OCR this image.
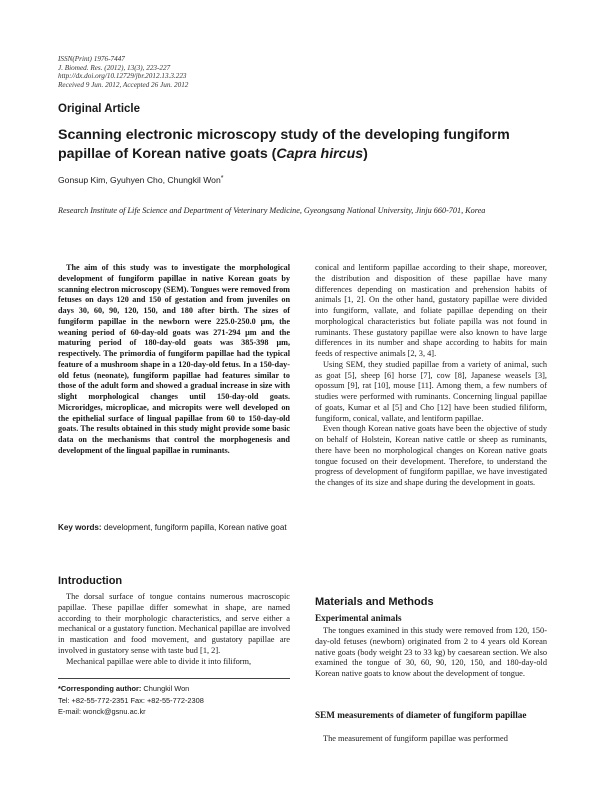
ISSN(Print) 1976-7447
J. Biomed. Res. (2012), 13(3), 223-227
http://dx.doi.org/10.12729/jbr.2012.13.3.223
Received 9 Jun. 2012, Accepted 26 Jun. 2012
Original Article
Scanning electronic microscopy study of the developing fungiform papillae of Korean native goats (Capra hircus)
Gonsup Kim, Gyuhyen Cho, Chungkil Won*
Research Institute of Life Science and Department of Veterinary Medicine, Gyeongsang National University, Jinju 660-701, Korea

The aim of this study was to investigate the morphological development of fungiform papillae in native Korean goats by scanning electron microscopy (SEM). Tongues were removed from fetuses on days 120 and 150 of gestation and from juveniles on days 30, 60, 90, 120, 150, and 180 after birth. The sizes of fungiform papillae in the newborn were 225.0-250.0 μm, the weaning period of 60-day-old goats was 271-294 μm and the maturing period of 180-day-old goats was 385-398 μm, respectively. The primordia of fungiform papillae had the typical feature of a mushroom shape in a 120-day-old fetus. In a 150-day-old fetus (neonate), fungiform papillae had features similar to those of the adult form and showed a gradual increase in size with slight morphological changes until 150-day-old goats. Microridges, microplicae, and micropits were well developed on the epithelial surface of lingual papillae from 60 to 150-day-old goats. The results obtained in this study might provide some basic data on the mechanisms that control the morphogenesis and development of the lingual papillae in ruminants.

Key words: development, fungiform papilla, Korean native goat
Introduction

The dorsal surface of tongue contains numerous macroscopic papillae. These papillae differ somewhat in shape, are named according to their morphologic characteristics, and serve either a mechanical or a gustatory function. Mechanical papillae are involved in mastication and food movement, and gustatory papillae are involved in gustatory sense with taste bud [1, 2].

Mechanical papillae were able to divide it into filiform,

*Corresponding author: Chungkil Won
Tel: +82-55-772-2351 Fax: +82-55-772-2308
E-mail: wonck@gsnu.ac.kr

conical and lentiform papillae according to their shape, moreover, the distribution and disposition of these papillae have many differences depending on mastication and prehension habits of animals [1, 2]. On the other hand, gustatory papillae were divided into fungiform, vallate, and foliate papillae depending on their morphological characteristics but foliate papilla was not found in ruminants. These gustatory papillae were also known to have large differences in its number and shape according to habits for main feeds of respective animals [2, 3, 4].

Using SEM, they studied papillae from a variety of animal, such as goat [5], sheep [6] horse [7], cow [8], Japanese weasels [3], opossum [9], rat [10], mouse [11]. Among them, a few numbers of studies were performed with ruminants. Concerning lingual papillae of goats, Kumar et al [5] and Cho [12] have been studied filiform, fungiform, conical, vallate, and lentiform papillae.

Even though Korean native goats have been the objective of study on behalf of Holstein, Korean native cattle or sheep as ruminants, there have been no morphological changes on Korean native goats tongue focused on their development. Therefore, to understand the progress of development of fungiform papillae, we have investigated the changes of its size and shape during the development in goats.

Materials and Methods
Experimental animals

The tongues examined in this study were removed from 120, 150-day-old fetuses (newborn) originated from 2 to 4 years old Korean native goats (body weight 23 to 33 kg) by caesarean section. We also examined the tongue of 30, 60, 90, 120, 150, and 180-day-old Korean native goats to know about the development of tongue.

SEM measurements of diameter of fungiform papillae

The measurement of fungiform papillae was performed
